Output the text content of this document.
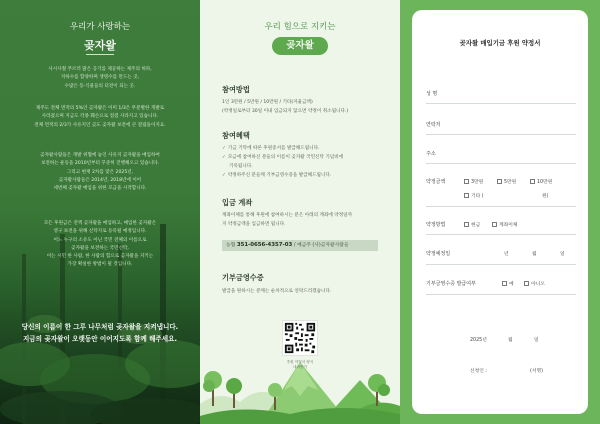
우리가 사랑하는
곶자왈
사시사철 푸르러 맑은 공기를 제공하는 제주의 허파,
지하수를 함양하며 생명수를 만드는 곳,
수많은 동·식물들의 터전이 되는 곳.
제주도 전체 면적의 5%인 곶자왈은 이미 1/3은 무분별한 개발로
사라졌으며 지금도 각종 훼손으로 점점 사라지고 있습니다.
전체 면적의 2/3가 사유지인 곶도 곶자왈 보전에 큰 걸림돌이지요.
곶자왈사람들은 개발 위협에 놓인 사유지 곶자왈을 매입하여
보전하는 운동을 2010년부터 꾸준히 진행해오고 있습니다.
그리고 현재 2차를 맞은 2025년,
곶자왈사람들은 2014년, 2018년에 이어
세번째 곶자왈 매입을 위한 모금을 시작합니다.
모든 후원금은 전액 곶자왈을 매입하고, 매입한 곶자왈은
영구 보전을 위해 신탁지로 등록될 예정입니다.
어느 누구의 소유도 아닌 국민 전체의 이름으로
곶자왈을 보전하는 국민신탁,
이는 시민 한 사람, 한 사람의 힘으로 곶자왈을 지키는
가장 확실한 방법이 될 것입니다.
당신의 이름이 한 그루 나무처럼 곶자왈을 지켜냅니다.
지금의 곶자왈이 오랫동안 이어지도록 함께 해주세요.
우리 힘으로 지키는
곶자왈
참여방법
1인 3만원 / 5만원 / 10만원 / 기타(자율금액)
(약정일로부터 30일 이내 입금되지 않으면 약정이 취소됩니다.)
참여혜택
✓ 기금 기탁에 따른 후원증서를 발급해드립니다.
✓ 모금에 참여하신 분들의 이름이 곶자왈 국민신탁 기념비에
기록됩니다.
✓ 약정하주신 분들께 기부금영수증을 발급해드립니다.
입금 계좌
계좌이체를 통해 후원에 참여하시는 분은 아래의 계좌에 약정일까
지 약정금액을 입금하면 됩니다.
농협 351-0656-4357-03 / 예금주 (사)곶자왈사람들
기부금영수증
발급을 원하시는 분께는 순차적으로 연락드리겠습니다.
후원 약정서 양식
내려받기
곶자왈 매입기금 후원 약정서
성 명
연락처
주소
약정금액	3만원	5만원	10만원
기타 (	원)
약정방법	현금	계좌이체
약정예정일	년	월	일
기부금영수증 발급여부	예	아니오
2025년	월	일
신청인 :	(서명)
